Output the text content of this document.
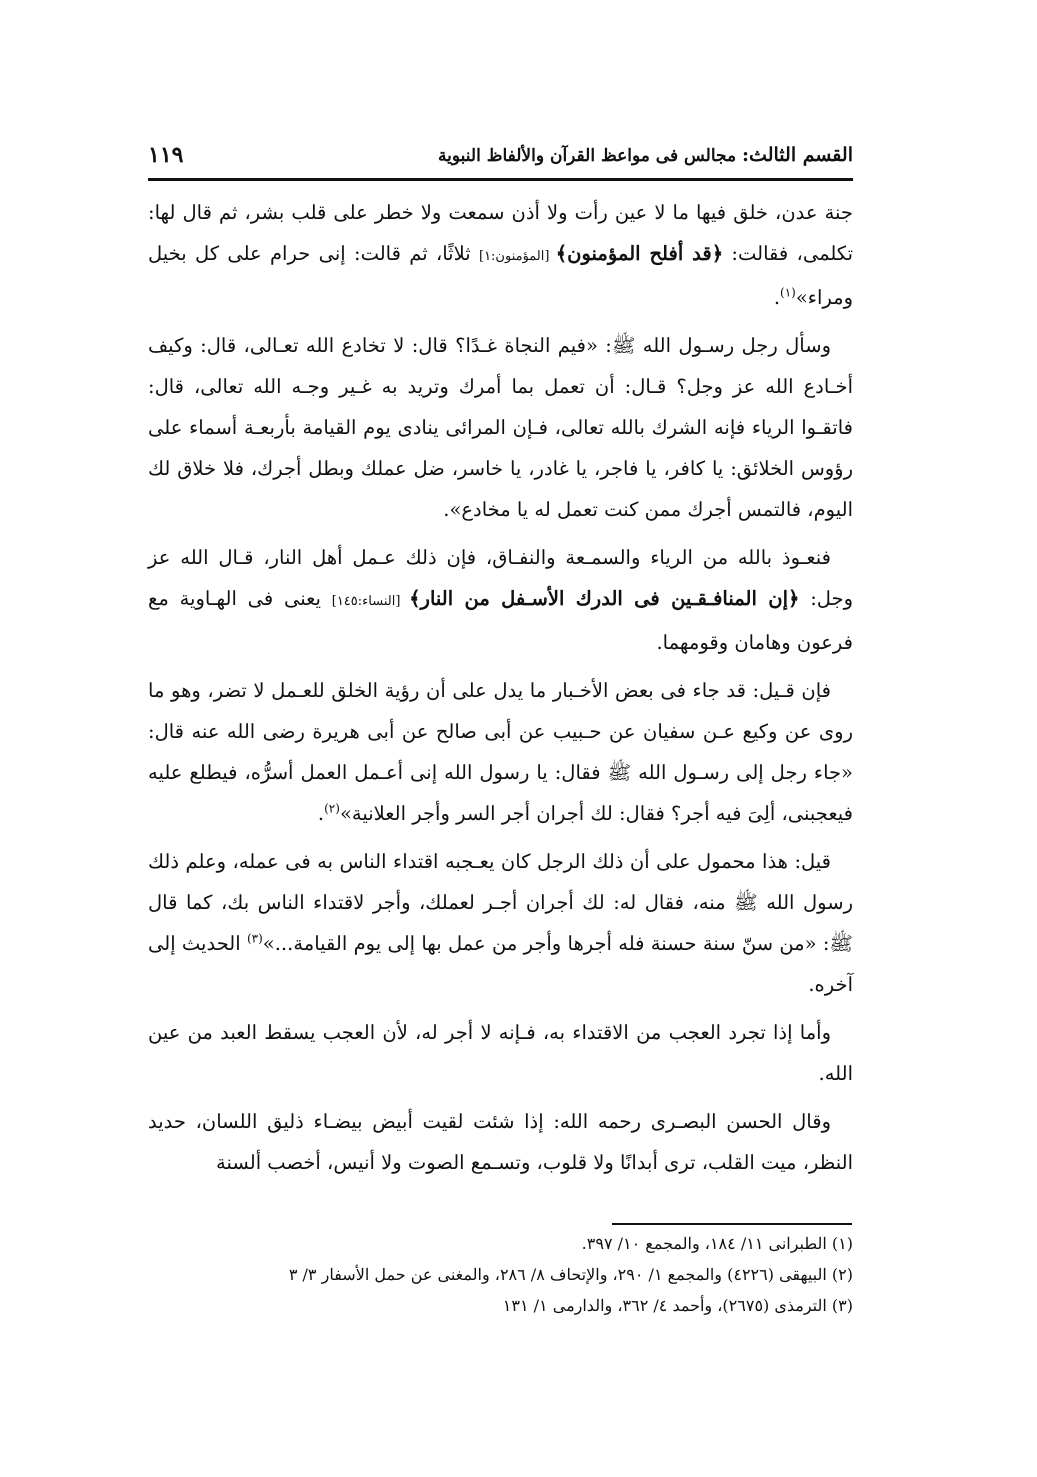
القسم الثالث: مجالس فى مواعظ القرآن والألفاظ النبوية
١١٩

جنة عدن، خلق فيها ما لا عين رأت ولا أذن سمعت ولا خطر على قلب بشر، ثم قال لها: تكلمى، فقالت: ﴿قد أفلح المؤمنون﴾ [المؤمنون:١] ثلاثًا، ثم قالت: إنى حرام على كل بخيل ومراء»$^{(١)}$.

وسأل رجل رسـول الله ﷺ: «فيم النجاة غـدًا؟ قال: لا تخادع الله تعـالى، قال: وكيف أخـادع الله عز وجل؟ قـال: أن تعمل بما أمرك وتريد به غـير وجـه الله تعالى، قال: فاتقـوا الرياء فإنه الشرك بالله تعالى، فـإن المرائى ينادى يوم القيامة بأربعـة أسماء على رؤوس الخلائق: يا كافر، يا فاجر، يا غادر، يا خاسر، ضل عملك وبطل أجرك، فلا خلاق لك اليوم، فالتمس أجرك ممن كنت تعمل له يا مخادع».

فنعـوذ بالله من الرياء والسمـعة والنفـاق، فإن ذلك عـمل أهل النار، قـال الله عز وجل: ﴿إن المنافـقـين فى الدرك الأسـفل من النار﴾ [النساء:١٤٥] يعنى فى الهـاوية مع فرعون وهامان وقومهما.

فإن قـيل: قد جاء فى بعض الأخـبار ما يدل على أن رؤية الخلق للعـمل لا تضر، وهو ما روى عن وكيع عـن سفيان عن حـبيب عن أبى صالح عن أبى هريرة رضى الله عنه قال: «جاء رجل إلى رسـول الله ﷺ فقال: يا رسول الله إنى أعـمل العمل أسرُّه، فيطلع عليه فيعجبنى، ألِىَ فيه أجر؟ فقال: لك أجران أجر السر وأجر العلانية»$^{(٢)}$.

قيل: هذا محمول على أن ذلك الرجل كان يعـجبه اقتداء الناس به فى عمله، وعلم ذلك رسول الله ﷺ منه، فقال له: لك أجران أجـر لعملك، وأجر لاقتداء الناس بك، كما قال ﷺ: «من سنّ سنة حسنة فله أجرها وأجر من عمل بها إلى يوم القيامة...»$^{(٣)}$ الحديث إلى آخره.

وأما إذا تجرد العجب من الاقتداء به، فـإنه لا أجر له، لأن العجب يسقط العبد من عين الله.

وقال الحسن البصـرى رحمه الله: إذا شئت لقيت أبيض بيضـاء ذليق اللسان، حديد النظر، ميت القلب، ترى أبدانًا ولا قلوب، وتسـمع الصوت ولا أنيس، أخصب ألسنة

(١) الطبرانى ١١/ ١٨٤، والمجمع ١٠/ ٣٩٧.
(٢) البيهقى (٤٢٢٦) والمجمع ١/ ٢٩٠، والإتحاف ٨/ ٢٨٦، والمغنى عن حمل الأسفار ٣/ ٣
(٣) الترمذى (٢٦٧٥)، وأحمد ٤/ ٣٦٢، والدارمى ١/ ١٣١
